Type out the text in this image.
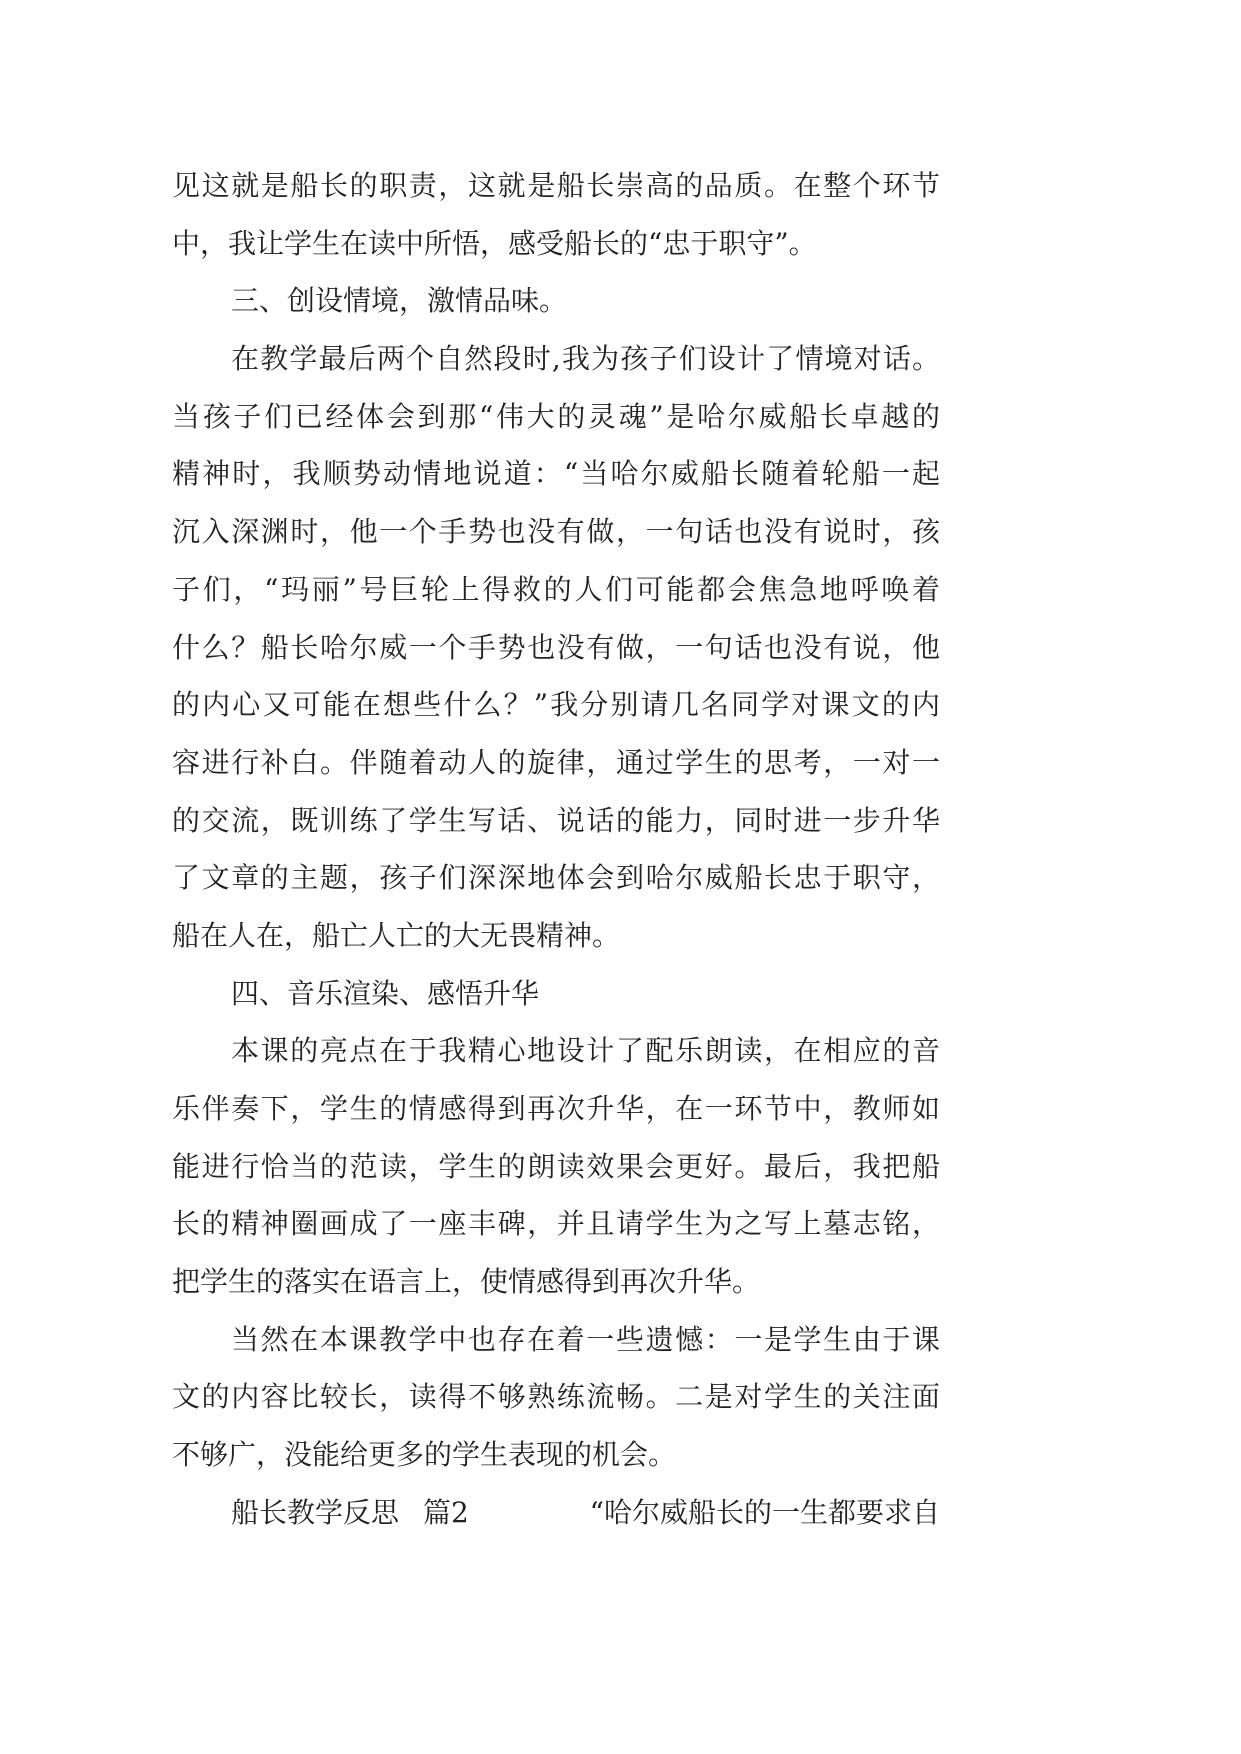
见这就是船长的职责，这就是船长崇高的品质。在整个环节
中，我让学生在读中所悟，感受船长的“忠于职守”。
三、创设情境，激情品味。
在教学最后两个自然段时,我为孩子们设计了情境对话。
当孩子们已经体会到那“伟大的灵魂”是哈尔威船长卓越的
精神时，我顺势动情地说道：“当哈尔威船长随着轮船一起
沉入深渊时，他一个手势也没有做，一句话也没有说时，孩
子们，“玛丽”号巨轮上得救的人们可能都会焦急地呼唤着
什么？船长哈尔威一个手势也没有做，一句话也没有说，他
的内心又可能在想些什么？”我分别请几名同学对课文的内
容进行补白。伴随着动人的旋律，通过学生的思考，一对一
的交流，既训练了学生写话、说话的能力，同时进一步升华
了文章的主题，孩子们深深地体会到哈尔威船长忠于职守，
船在人在，船亡人亡的大无畏精神。
四、音乐渲染、感悟升华
本课的亮点在于我精心地设计了配乐朗读，在相应的音
乐伴奏下，学生的情感得到再次升华，在一环节中，教师如
能进行恰当的范读，学生的朗读效果会更好。最后，我把船
长的精神圈画成了一座丰碑，并且请学生为之写上墓志铭，
把学生的落实在语言上，使情感得到再次升华。
当然在本课教学中也存在着一些遗憾：一是学生由于课
文的内容比较长，读得不够熟练流畅。二是对学生的关注面
不够广，没能给更多的学生表现的机会。
船长教学反思 篇2	“哈尔威船长的一生都要求自
